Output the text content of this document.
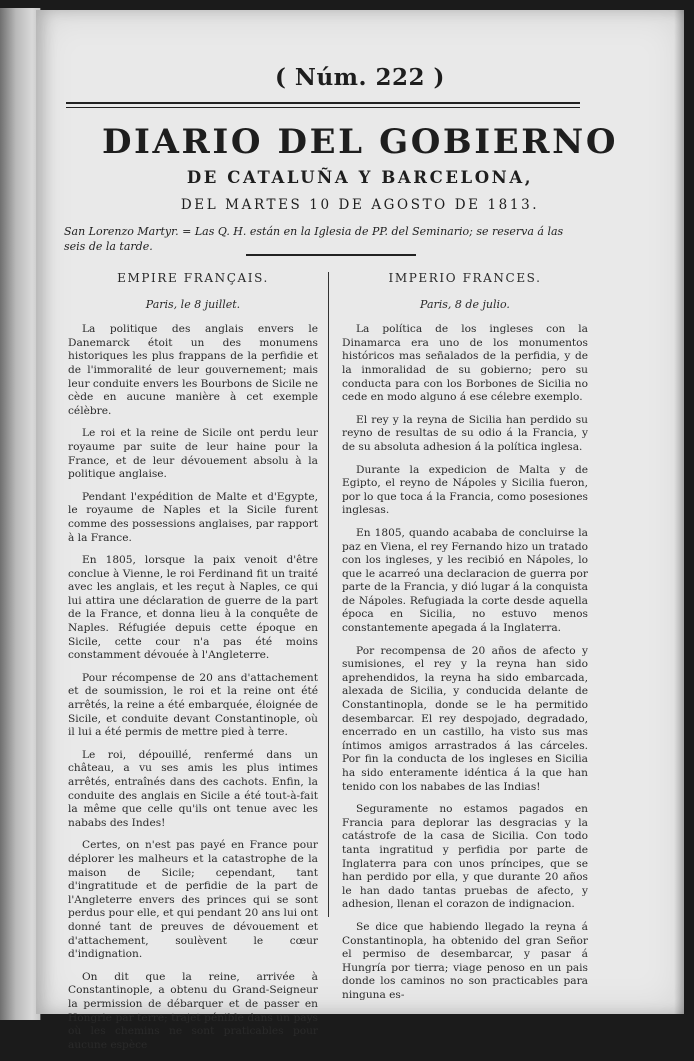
( Núm. 222 )
DIARIO DEL GOBIERNO
DE CATALUÑA Y BARCELONA,
DEL MARTES 10 DE AGOSTO DE 1813.
San Lorenzo Martyr. = Las Q. H. están en la Iglesia de PP. del Seminario; se reserva á las seis de la tarde.
EMPIRE FRANÇAIS.
Paris, le 8 juillet.

La politique des anglais envers le Danemarck étoit un des monumens historiques les plus frappans de la perfidie et de l'immoralité de leur gouvernement; mais leur conduite envers les Bourbons de Sicile ne cède en aucune manière à cet exemple célèbre.

Le roi et la reine de Sicile ont perdu leur royaume par suite de leur haine pour la France, et de leur dévouement absolu à la politique anglaise.

Pendant l'expédition de Malte et d'Egypte, le royaume de Naples et la Sicile furent comme des possessions anglaises, par rapport à la France.

En 1805, lorsque la paix venoit d'être conclue à Vienne, le roi Ferdinand fit un traité avec les anglais, et les reçut à Naples, ce qui lui attira une déclaration de guerre de la part de la France, et donna lieu à la conquête de Naples. Réfugiée depuis cette époque en Sicile, cette cour n'a pas été moins constamment dévouée à l'Angleterre.

Pour récompense de 20 ans d'attachement et de soumission, le roi et la reine ont été arrêtés, la reine a été embarquée, éloignée de Sicile, et conduite devant Constantinople, où il lui a été permis de mettre pied à terre.

Le roi, dépouillé, renfermé dans un château, a vu ses amis les plus intimes arrêtés, entraînés dans des cachots. Enfin, la conduite des anglais en Sicile a été tout-à-fait la même que celle qu'ils ont tenue avec les nababs des Indes!

Certes, on n'est pas payé en France pour déplorer les malheurs et la catastrophe de la maison de Sicile; cependant, tant d'ingratitude et de perfidie de la part de l'Angleterre envers des princes qui se sont perdus pour elle, et qui pendant 20 ans lui ont donné tant de preuves de dévouement et d'attachement, soulèvent le cœur d'indignation.

On dit que la reine, arrivée à Constantinople, a obtenu du Grand-Seigneur la permission de débarquer et de passer en Hongrie par terre; trajet pénible dans un pays où les chemins ne sont praticables pour aucune espèce

IMPERIO FRANCES.
Paris, 8 de julio.

La política de los ingleses con la Dinamarca era uno de los monumentos históricos mas señalados de la perfidia, y de la inmoralidad de su gobierno; pero su conducta para con los Borbones de Sicilia no cede en modo alguno á ese célebre exemplo.

El rey y la reyna de Sicilia han perdido su reyno de resultas de su odio á la Francia, y de su absoluta adhesion á la política inglesa.

Durante la expedicion de Malta y de Egipto, el reyno de Nápoles y Sicilia fueron, por lo que toca á la Francia, como posesiones inglesas.

En 1805, quando acababa de concluirse la paz en Viena, el rey Fernando hizo un tratado con los ingleses, y les recibió en Nápoles, lo que le acarreó una declaracion de guerra por parte de la Francia, y dió lugar á la conquista de Nápoles. Refugiada la corte desde aquella época en Sicilia, no estuvo menos constantemente apegada á la Inglaterra.

Por recompensa de 20 años de afecto y sumisiones, el rey y la reyna han sido aprehendidos, la reyna ha sido embarcada, alexada de Sicilia, y conducida delante de Constantinopla, donde se le ha permitido desembarcar. El rey despojado, degradado, encerrado en un castillo, ha visto sus mas íntimos amigos arrastrados á las cárceles. Por fin la conducta de los ingleses en Sicilia ha sido enteramente idéntica á la que han tenido con los nababes de las Indias!

Seguramente no estamos pagados en Francia para deplorar las desgracias y la catástrofe de la casa de Sicilia. Con todo tanta ingratitud y perfidia por parte de Inglaterra para con unos príncipes, que se han perdido por ella, y que durante 20 años le han dado tantas pruebas de afecto, y adhesion, llenan el corazon de indignacion.

Se dice que habiendo llegado la reyna á Constantinopla, ha obtenido del gran Señor el permiso de desembarcar, y pasar á Hungría por tierra; viage penoso en un pais donde los caminos no son practicables para ninguna es-
